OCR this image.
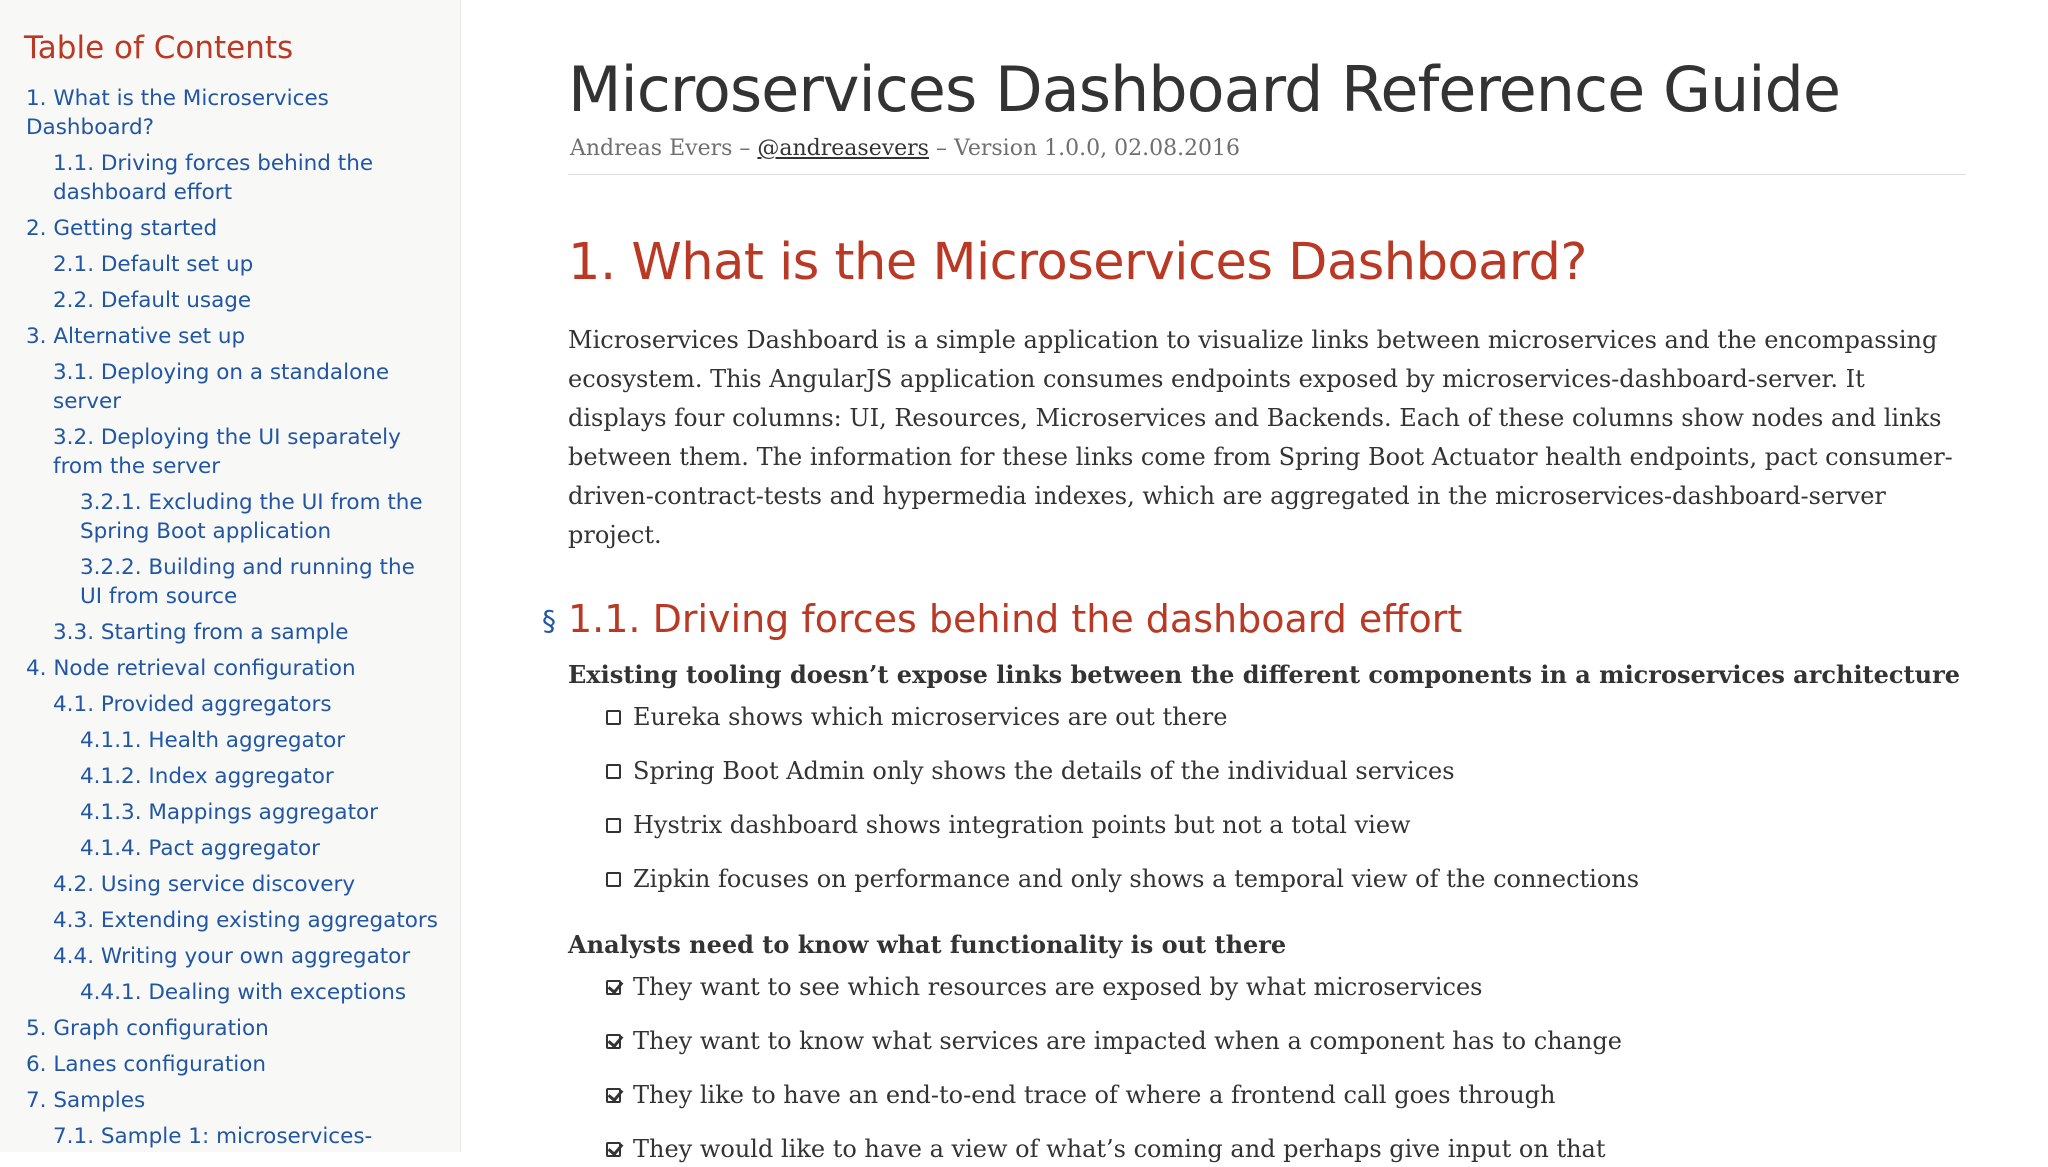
Table of Contents
1. What is the Microservices Dashboard?
1.1. Driving forces behind the dashboard effort
2. Getting started
2.1. Default set up
2.2. Default usage
3. Alternative set up
3.1. Deploying on a standalone server
3.2. Deploying the UI separately from the server
3.2.1. Excluding the UI from the Spring Boot application
3.2.2. Building and running the UI from source
3.3. Starting from a sample
4. Node retrieval configuration
4.1. Provided aggregators
4.1.1. Health aggregator
4.1.2. Index aggregator
4.1.3. Mappings aggregator
4.1.4. Pact aggregator
4.2. Using service discovery
4.3. Extending existing aggregators
4.4. Writing your own aggregator
4.4.1. Dealing with exceptions
5. Graph configuration
6. Lanes configuration
7. Samples
7.1. Sample 1: microservices-
Microservices Dashboard Reference Guide
Andreas Evers – @andreasevers – Version 1.0.0, 02.08.2016
1. What is the Microservices Dashboard?

Microservices Dashboard is a simple application to visualize links between microservices and the encompassing ecosystem. This AngularJS application consumes endpoints exposed by microservices-dashboard-server. It displays four columns: UI, Resources, Microservices and Backends. Each of these columns show nodes and links between them. The information for these links come from Spring Boot Actuator health endpoints, pact consumer-driven-contract-tests and hypermedia indexes, which are aggregated in the microservices-dashboard-server project.

§ 1.1. Driving forces behind the dashboard effort
Existing tooling doesn’t expose links between the different components in a microservices architecture
Eureka shows which microservices are out there
Spring Boot Admin only shows the details of the individual services
Hystrix dashboard shows integration points but not a total view
Zipkin focuses on performance and only shows a temporal view of the connections
Analysts need to know what functionality is out there
They want to see which resources are exposed by what microservices
They want to know what services are impacted when a component has to change
They like to have an end-to-end trace of where a frontend call goes through
They would like to have a view of what’s coming and perhaps give input on that
